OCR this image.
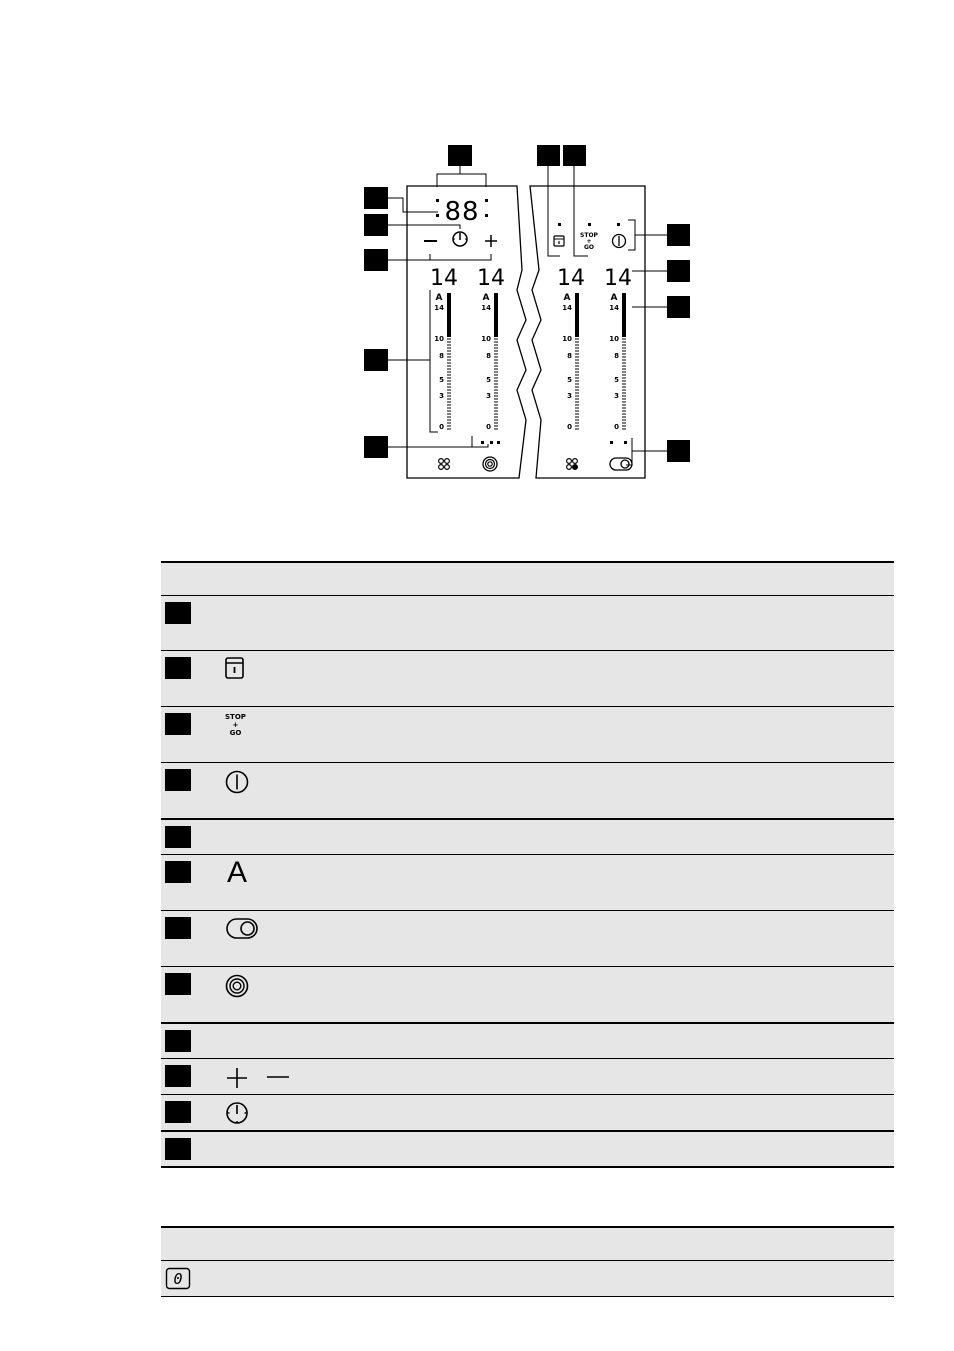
88
STOP
+
GO
14 14 14 14
A	A	A	A
14
10
8
5
3
0
14
10
8
5
3
0
14
10
8
5
3
0
14
10
8
5
3
0
STOP
+
GO
A
0
